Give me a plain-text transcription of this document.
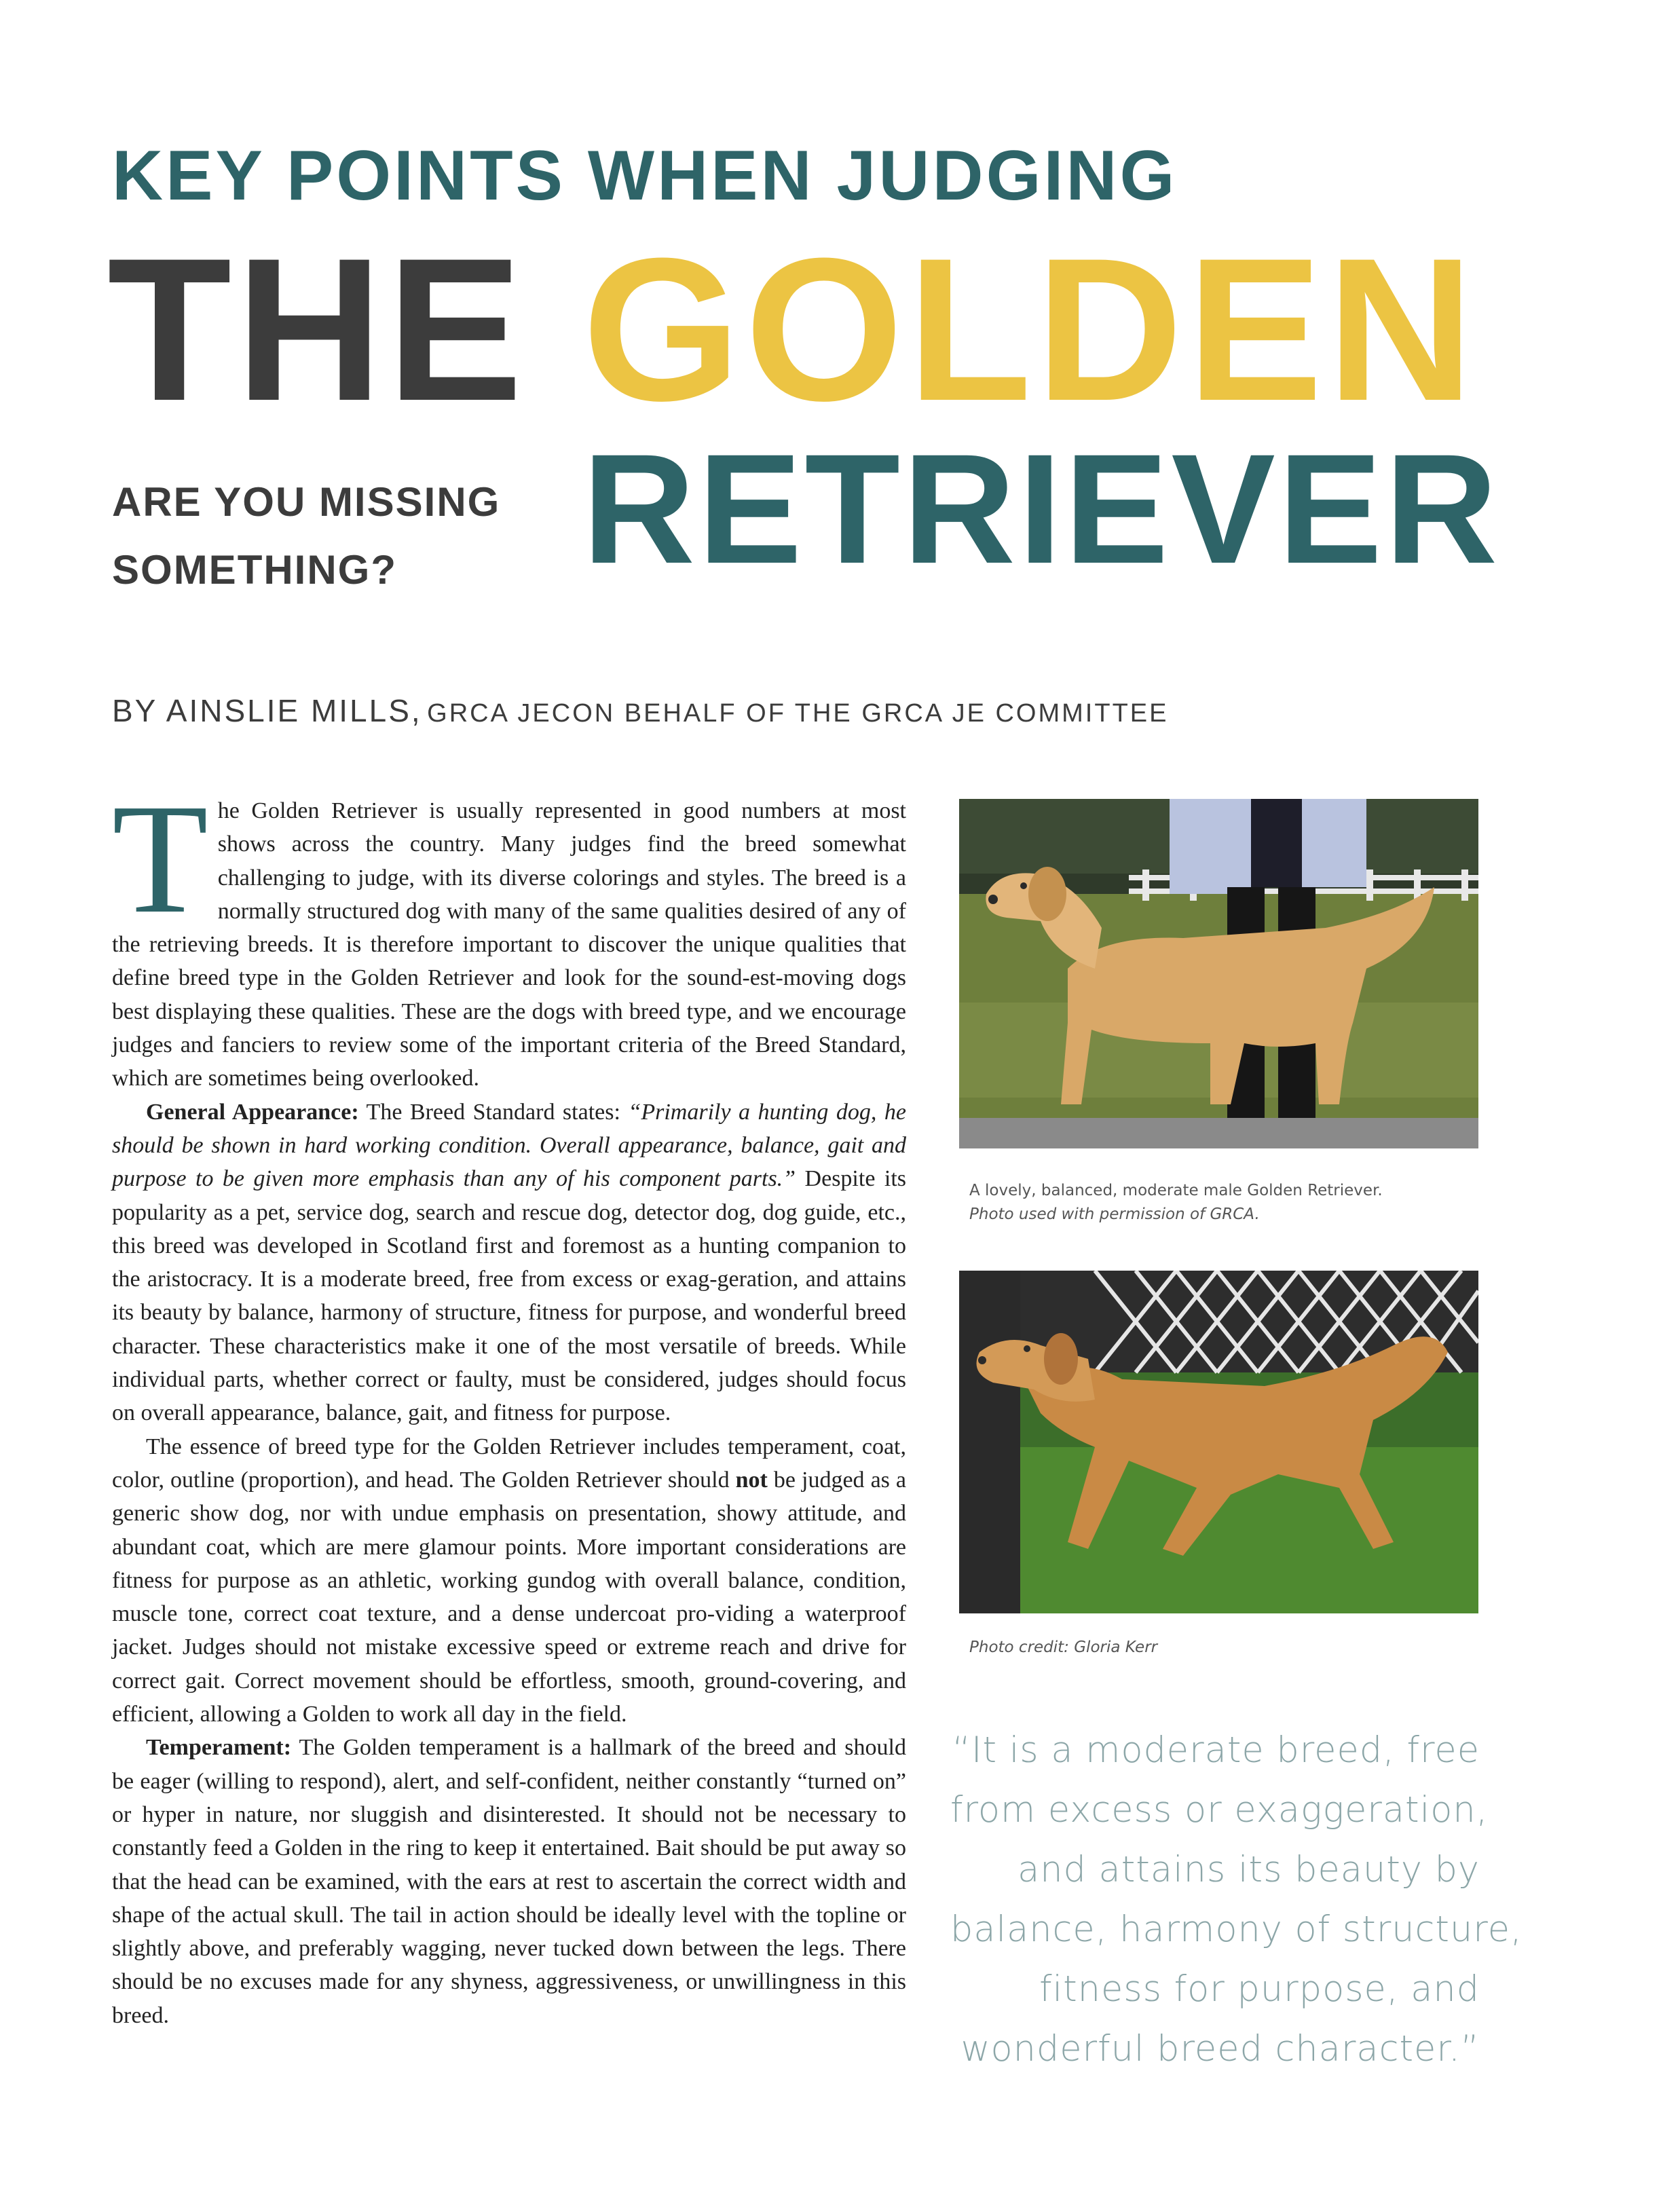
KEY POINTS WHEN JUDGING
THE GOLDEN
ARE YOU MISSING SOMETHING?	RETRIEVER
BY AINSLIE MILLS, GRCA JECON BEHALF OF THE GRCA JE COMMITTEE

The Golden Retriever is usually represented in good numbers at most shows across the country. Many judges find the breed somewhat challenging to judge, with its diverse colorings and styles. The breed is a normally structured dog with many of the same qualities desired of any of the retrieving breeds. It is therefore important to discover the unique qualities that define breed type in the Golden Retriever and look for the sound-est-moving dogs best displaying these qualities. These are the dogs with breed type, and we encourage judges and fanciers to review some of the important criteria of the Breed Standard, which are sometimes being overlooked.

General Appearance: The Breed Standard states: “Primarily a hunting dog, he should be shown in hard working condition. Overall appearance, balance, gait and purpose to be given more emphasis than any of his component parts.” Despite its popularity as a pet, service dog, search and rescue dog, detector dog, dog guide, etc., this breed was developed in Scotland first and foremost as a hunting companion to the aristocracy. It is a moderate breed, free from excess or exag-geration, and attains its beauty by balance, harmony of structure, fitness for purpose, and wonderful breed character. These characteristics make it one of the most versatile of breeds. While individual parts, whether correct or faulty, must be considered, judges should focus on overall appearance, balance, gait, and fitness for purpose.

The essence of breed type for the Golden Retriever includes temperament, coat, color, outline (proportion), and head. The Golden Retriever should not be judged as a generic show dog, nor with undue emphasis on presentation, showy attitude, and abundant coat, which are mere glamour points. More important considerations are fitness for purpose as an athletic, working gundog with overall balance, condition, muscle tone, correct coat texture, and a dense undercoat pro-viding a waterproof jacket. Judges should not mistake excessive speed or extreme reach and drive for correct gait. Correct movement should be effortless, smooth, ground-covering, and efficient, allowing a Golden to work all day in the field.

Temperament: The Golden temperament is a hallmark of the breed and should be eager (willing to respond), alert, and self-confident, neither constantly “turned on” or hyper in nature, nor sluggish and disinterested. It should not be necessary to constantly feed a Golden in the ring to keep it entertained. Bait should be put away so that the head can be examined, with the ears at rest to ascertain the correct width and shape of the actual skull. The tail in action should be ideally level with the topline or slightly above, and preferably wagging, never tucked down between the legs. There should be no excuses made for any shyness, aggressiveness, or unwillingness in this breed.

A lovely, balanced, moderate male Golden Retriever.
Photo used with permission of GRCA.
Photo credit: Gloria Kerr
“It is a moderate breed, free
from excess or exaggeration,
and attains its beauty by
balance, harmony of structure,
fitness for purpose, and
wonderful breed character.”
